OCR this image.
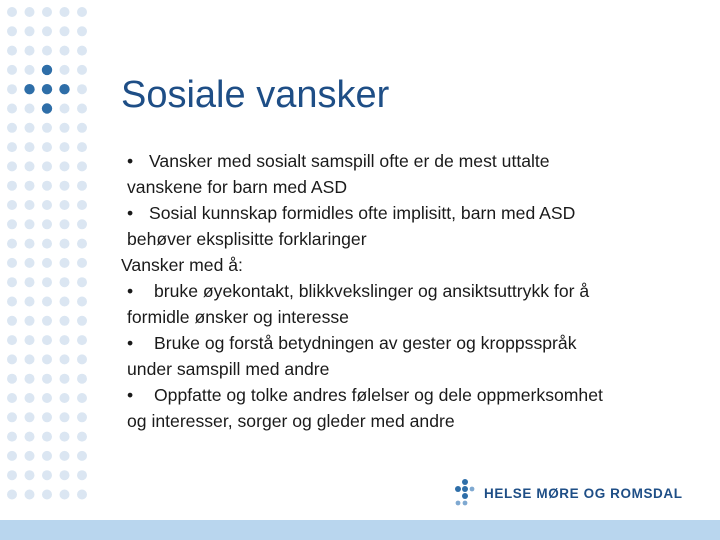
Sosiale vansker
• Vansker med sosialt samspill ofte er de mest uttalte
vanskene for barn med ASD
• Sosial kunnskap formidles ofte implisitt, barn med ASD
behøver eksplisitte forklaringer
Vansker med å:
• bruke øyekontakt, blikkvekslinger og ansiktsuttrykk for å
formidle ønsker og interesse
• Bruke og forstå betydningen av gester og kroppsspråk
under samspill med andre
• Oppfatte og tolke andres følelser og dele oppmerksomhet
og interesser, sorger og gleder med andre
HELSE MØRE OG ROMSDAL
